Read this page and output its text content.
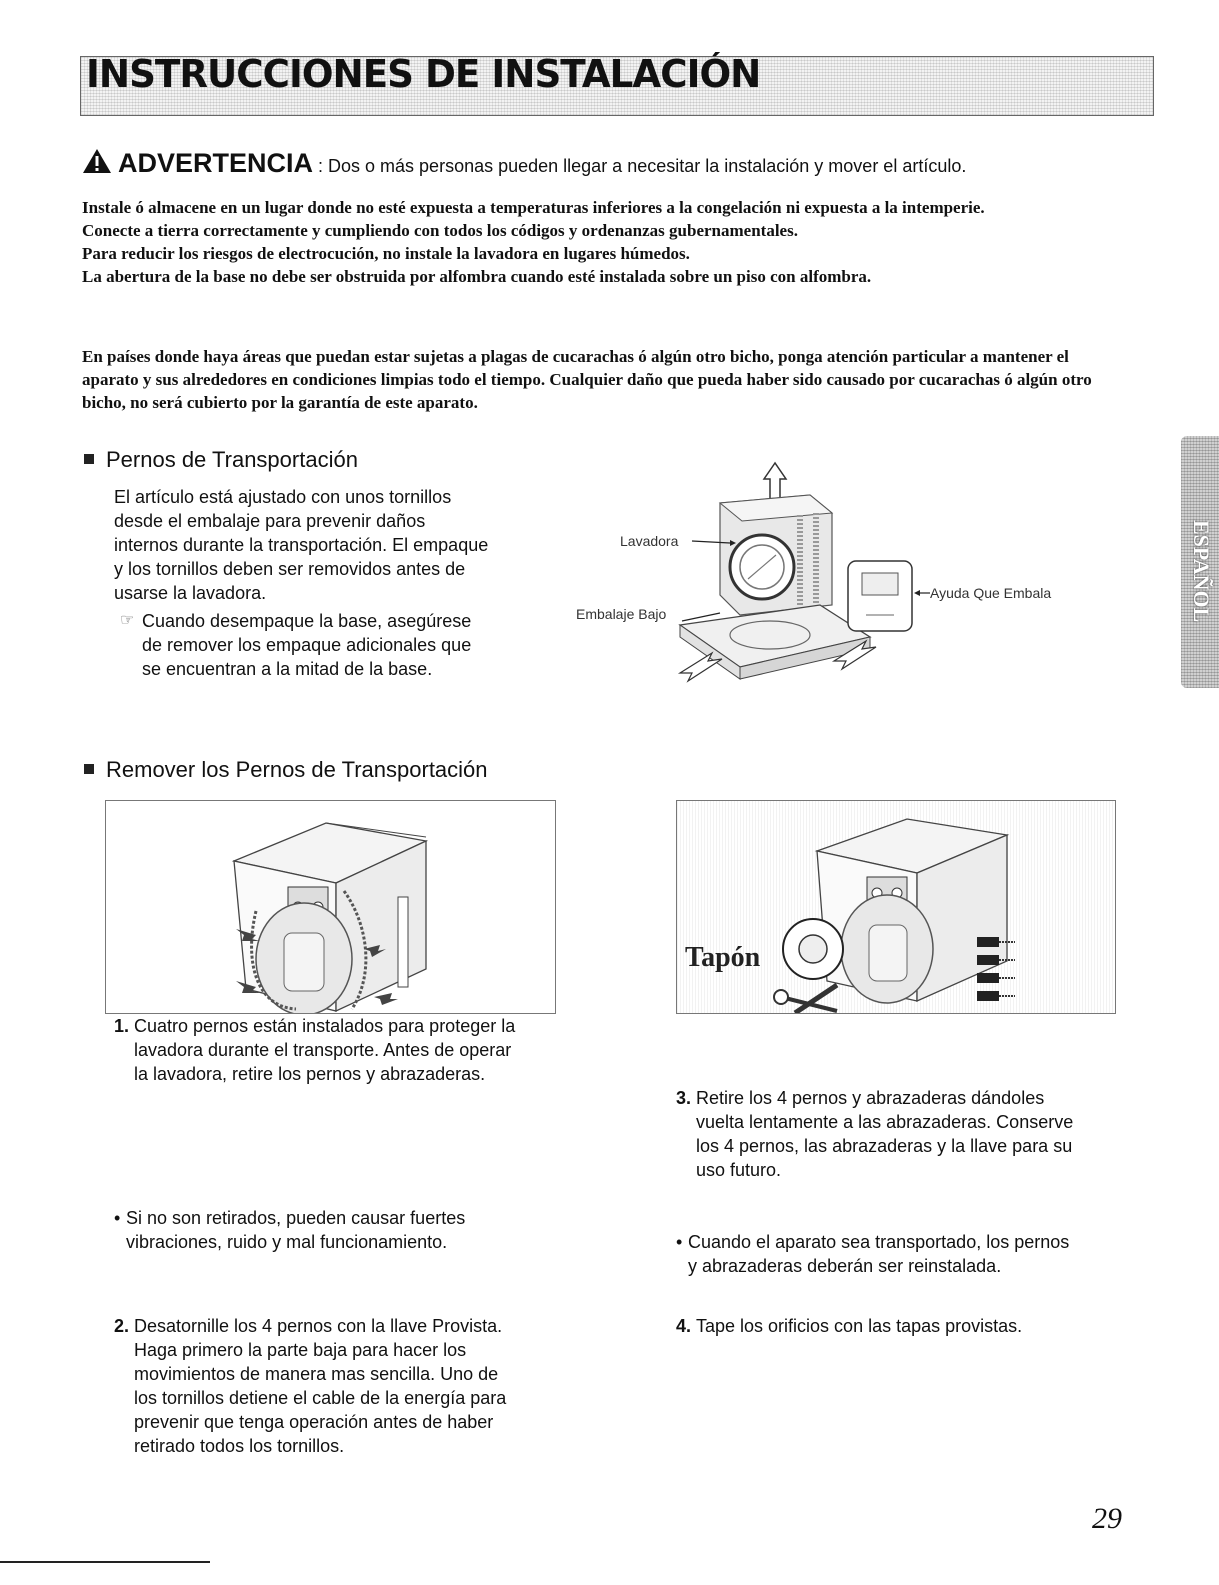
INSTRUCCIONES DE INSTALACIÓN
ADVERTENCIA : Dos o más personas pueden llegar a necesitar la instalación y mover el artículo.

Instale ó almacene en un lugar donde no esté expuesta a temperaturas inferiores a la congelación ni expuesta a la intemperie.

Conecte a tierra correctamente y cumpliendo con todos los códigos y ordenanzas gubernamentales.

Para reducir los riesgos de electrocución, no instale la lavadora en lugares húmedos.

La abertura de la base no debe ser obstruida por alfombra cuando esté instalada sobre un piso con alfombra.

En países donde haya áreas que puedan estar sujetas a plagas de cucarachas ó algún otro bicho, ponga atención particular a mantener el aparato y sus alrededores en condiciones limpias todo el tiempo. Cualquier daño que pueda haber sido causado por cucarachas ó algún otro bicho, no será cubierto por la garantía de este aparato.

Pernos de Transportación

El artículo está ajustado con unos tornillos

desde el embalaje para prevenir daños

internos durante la transportación. El empaque

y los tornillos deben ser removidos antes de

usarse la lavadora.

☞ Cuando desempaque la base, asegúrese
de remover los empaque adicionales que
se encuentran a la mitad de la base.
Lavadora
Embalaje Bajo
Ayuda Que Embala
Remover los Pernos de Transportación
Tapón
1. Cuatro pernos están instalados para proteger la
lavadora durante el transporte. Antes de operar
la lavadora, retire los pernos y abrazaderas.
• Si no son retirados, pueden causar fuertes
vibraciones, ruido y mal funcionamiento.
2. Desatornille los 4 pernos con la llave Provista.
Haga primero la parte baja para hacer los
movimientos de manera mas sencilla. Uno de
los tornillos detiene el cable de la energía para
prevenir que tenga operación antes de haber
retirado todos los tornillos.
3. Retire los 4 pernos y abrazaderas dándoles
vuelta lentamente a las abrazaderas. Conserve
los 4 pernos, las abrazaderas y la llave para su
uso futuro.
• Cuando el aparato sea transportado, los pernos
y abrazaderas deberán ser reinstalada.
4. Tape los orificios con las tapas provistas.
ESPAÑOL
29
